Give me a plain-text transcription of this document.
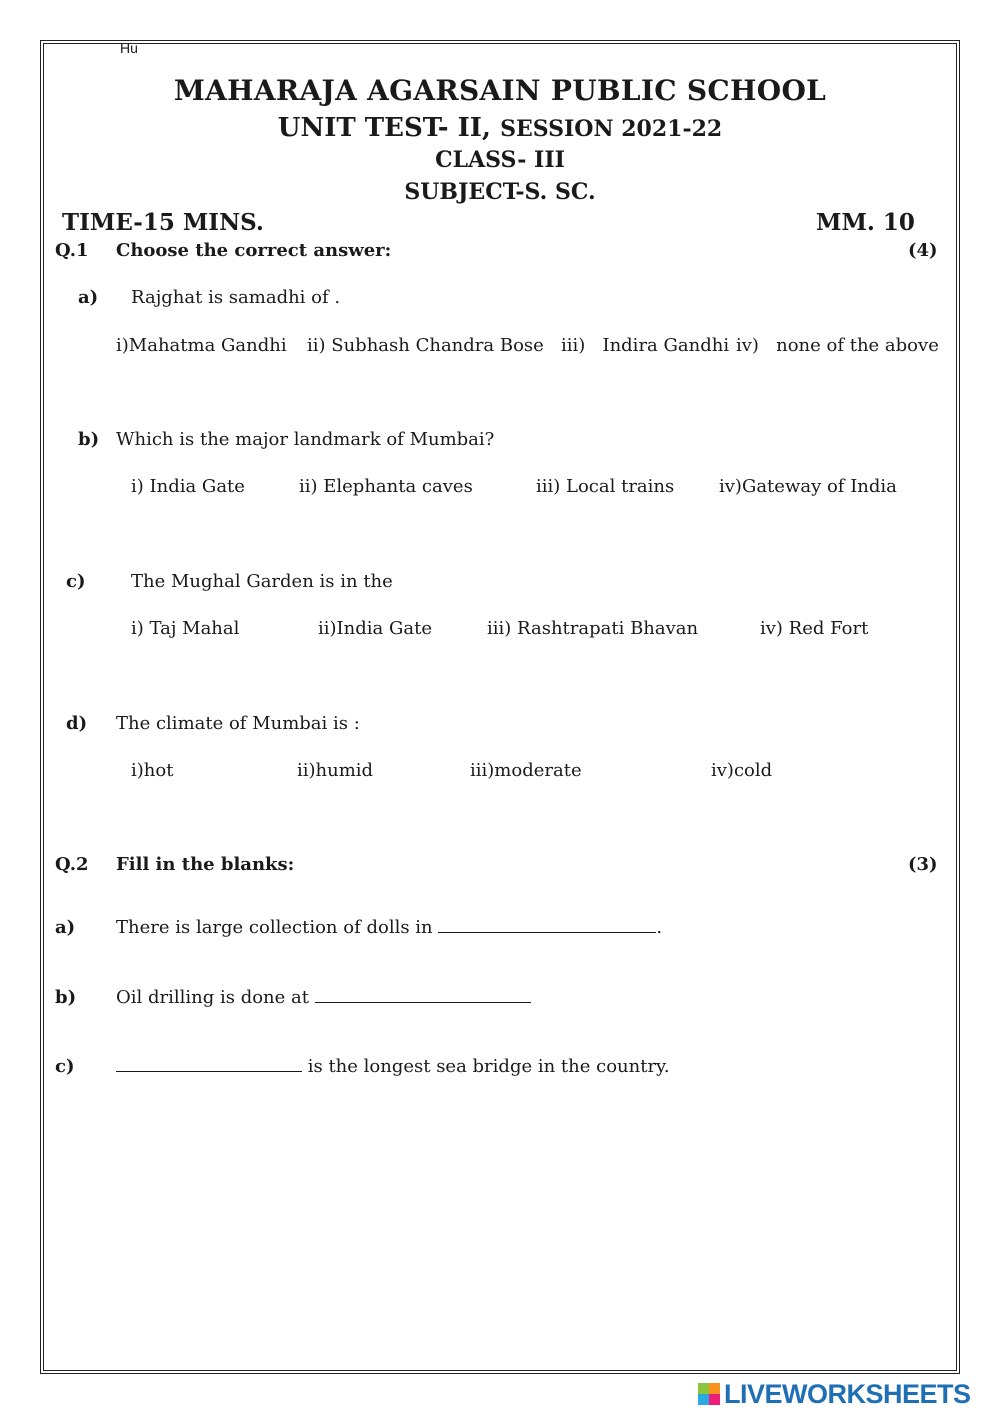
Hu
MAHARAJA AGARSAIN PUBLIC SCHOOL
UNIT TEST- II, SESSION 2021-22
CLASS- III
SUBJECT-S. SC.
TIME-15 MINS.	MM. 10
Q.1 Choose the correct answer:	(4)
a) Rajghat is samadhi of .
i)Mahatma Gandhi ii) Subhash Chandra Bose iii)   Indira Gandhi iv)   none of the above
b) Which is the major landmark of Mumbai?
i) India Gate	ii) Elephanta caves	iii) Local trains iv)Gateway of India
c)	The Mughal Garden is in the
i) Taj Mahal	ii)India Gate	iii) Rashtrapati Bhavan	iv) Red Fort
d) The climate of Mumbai is :
i)hot	ii)humid	iii)moderate	iv)cold
Q.2 Fill in the blanks:	(3)
a) There is large collection of dolls in	.
b) Oil drilling is done at
c)	is the longest sea bridge in the country.
LIVEWORKSHEETS
